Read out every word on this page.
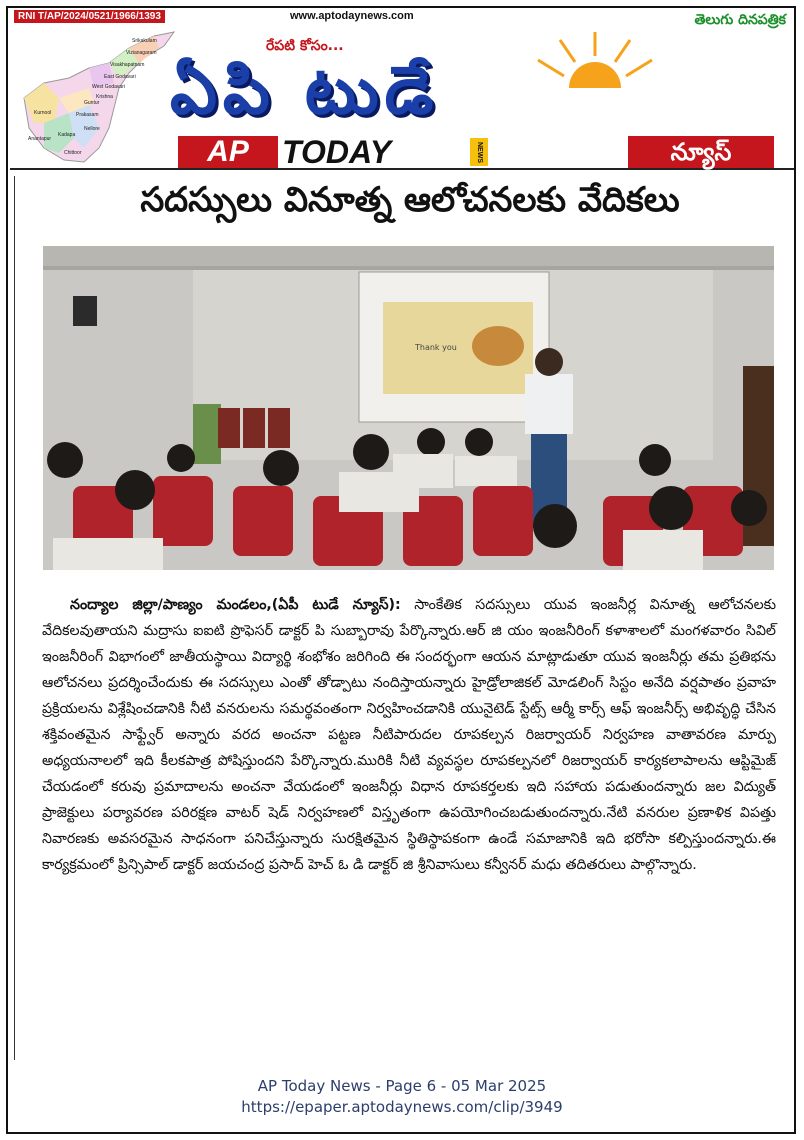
Srikakulam
Vizianagaram
Visakhapatnam
East Godavari
West Godavari
Krishna
Guntur
Prakasam
Kurnool
Nellore
Kadapa
Anantapur
Chittoor
RNI T/AP/2024/0521/1966/1393	www.aptodaynews.com	తెలుగు దినపత్రిక
రేపటి కోసం...
ఏపి టుడే
AP	TODAY	NEWS	న్యూస్
సదస్సులు వినూత్న ఆలోచనలకు వేదికలు
Thank you

నంద్యాల జిల్లా/పాణ్యం మండలం,(ఏపీ టుడే న్యూస్): సాంకేతిక సదస్సులు యువ ఇంజనీర్ల వినూత్న ఆలోచనలకు వేదికలవుతాయని మద్రాసు ఐఐటి ప్రొఫెసర్ డాక్టర్ పి సుబ్బారావు పేర్కొన్నారు.ఆర్ జి యం ఇంజనీరింగ్ కళాశాలలో మంగళవారం సివిల్ ఇంజనీరింగ్ విభాగంలో జాతీయస్థాయి విద్యార్థి శంభోశం జరిగింది ఈ సందర్భంగా ఆయన మాట్లాడుతూ యువ ఇంజనీర్లు తమ ప్రతిభను ఆలోచనలు ప్రదర్శించేందుకు ఈ సదస్సులు ఎంతో తోడ్పాటు నందిస్తాయన్నారు హైడ్రోలాజికల్ మోడలింగ్ సిస్టం అనేది వర్షపాతం ప్రవాహ ప్రక్రియలను విశ్లేషించడానికి నీటి వనరులను సమర్థవంతంగా నిర్వహించడానికి యునైటెడ్ స్టేట్స్ ఆర్మీ కార్స్ ఆఫ్ ఇంజనీర్స్ అభివృద్ధి చేసిన శక్తివంతమైన సాఫ్ట్వేర్ అన్నారు వరద అంచనా పట్టణ నీటిపారుదల రూపకల్పన రిజర్వాయర్ నిర్వహణ వాతావరణ మార్పు అధ్యయనాలలో ఇది కీలకపాత్ర పోషిస్తుందని పేర్కొన్నారు.మురికి నీటి వ్యవస్థల రూపకల్పనలో రిజర్వాయర్ కార్యకలాపాలను ఆప్టిమైజ్ చేయడంలో కరువు ప్రమాదాలను అంచనా వేయడంలో ఇంజనీర్లు విధాన రూపకర్తలకు ఇది సహాయ పడుతుందన్నారు జల విద్యుత్ ప్రాజెక్టులు పర్యావరణ పరిరక్షణ వాటర్ షెడ్ నిర్వహణలో విస్తృతంగా ఉపయోగించబడుతుందన్నారు.నేటి వనరుల ప్రణాళిక విపత్తు నివారణకు అవసరమైన సాధనంగా పనిచేస్తున్నారు సురక్షితమైన స్థితిస్థాపకంగా ఉండే సమాజానికి ఇది భరోసా కల్పిస్తుందన్నారు.ఈ కార్యక్రమంలో ప్రిన్సిపాల్ డాక్టర్ జయచంద్ర ప్రసాద్ హెచ్ ఓ డి డాక్టర్ జి శ్రీనివాసులు కన్వీనర్ మధు తదితరులు పాల్గొన్నారు.

AP Today News - Page 6 - 05 Mar 2025
https://epaper.aptodaynews.com/clip/3949
